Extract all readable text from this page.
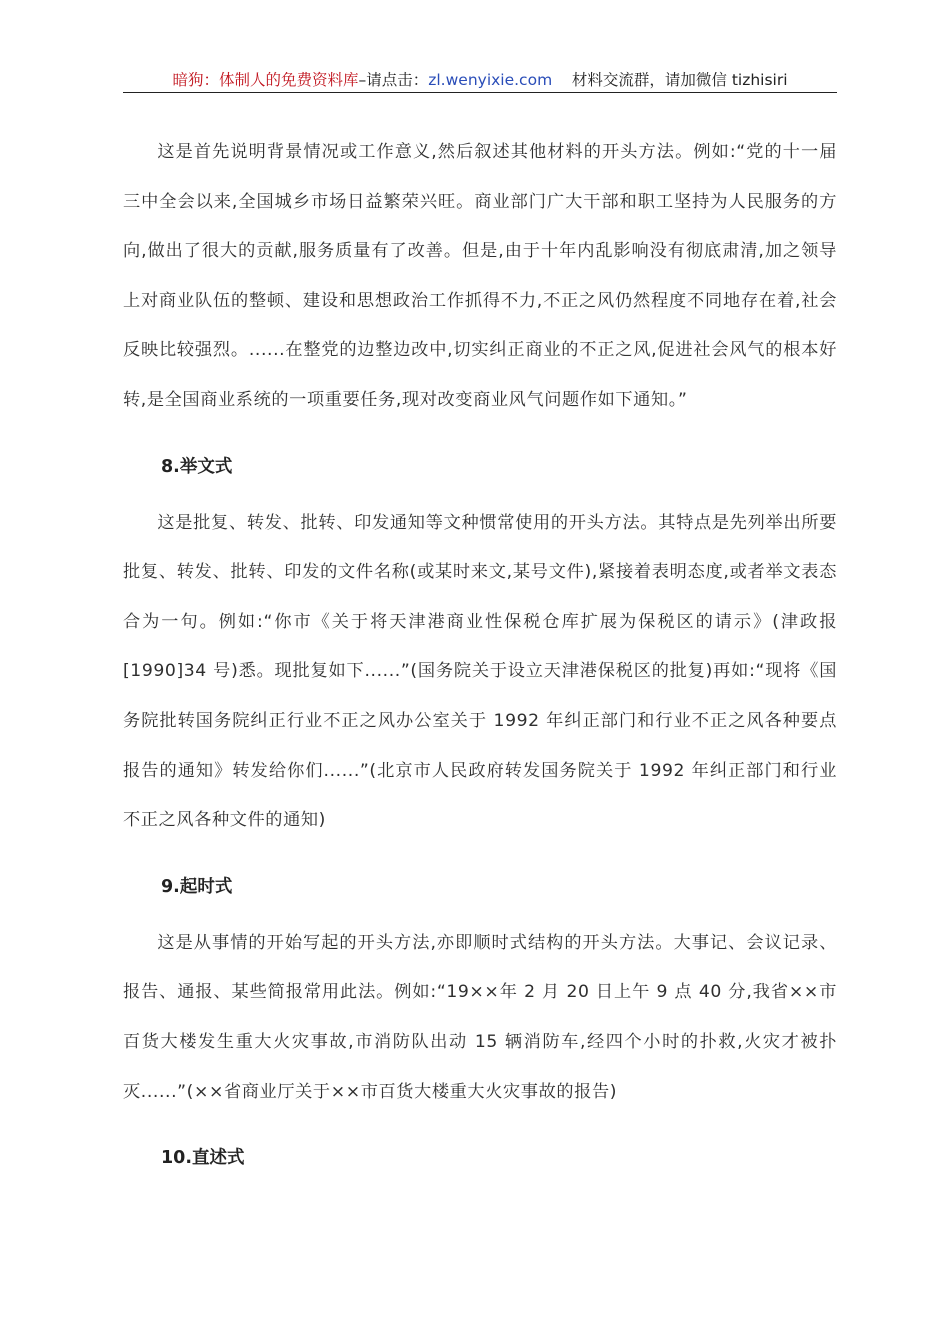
暗狗：体制人的免费资料库–请点击：zl.wenyixie.com 材料交流群，请加微信 tizhisiri

这是首先说明背景情况或工作意义,然后叙述其他材料的开头方法。例如:“党的十一届三中全会以来,全国城乡市场日益繁荣兴旺。商业部门广大干部和职工坚持为人民服务的方向,做出了很大的贡献,服务质量有了改善。但是,由于十年内乱影响没有彻底肃清,加之领导上对商业队伍的整顿、建设和思想政治工作抓得不力,不正之风仍然程度不同地存在着,社会反映比较强烈。......在整党的边整边改中,切实纠正商业的不正之风,促进社会风气的根本好转,是全国商业系统的一项重要任务,现对改变商业风气问题作如下通知。”

8.举文式

这是批复、转发、批转、印发通知等文种惯常使用的开头方法。其特点是先列举出所要批复、转发、批转、印发的文件名称(或某时来文,某号文件),紧接着表明态度,或者举文表态合为一句。例如:“你市《关于将天津港商业性保税仓库扩展为保税区的请示》(津政报[1990]34 号)悉。现批复如下......”(国务院关于设立天津港保税区的批复)再如:“现将《国务院批转国务院纠正行业不正之风办公室关于 1992 年纠正部门和行业不正之风各种要点报告的通知》转发给你们......”(北京市人民政府转发国务院关于 1992 年纠正部门和行业不正之风各种文件的通知)

9.起时式

这是从事情的开始写起的开头方法,亦即顺时式结构的开头方法。大事记、会议记录、报告、通报、某些简报常用此法。例如:“19××年 2 月 20 日上午 9 点 40 分,我省××市百货大楼发生重大火灾事故,市消防队出动 15 辆消防车,经四个小时的扑救,火灾才被扑灭......”(××省商业厅关于××市百货大楼重大火灾事故的报告)

10.直述式
